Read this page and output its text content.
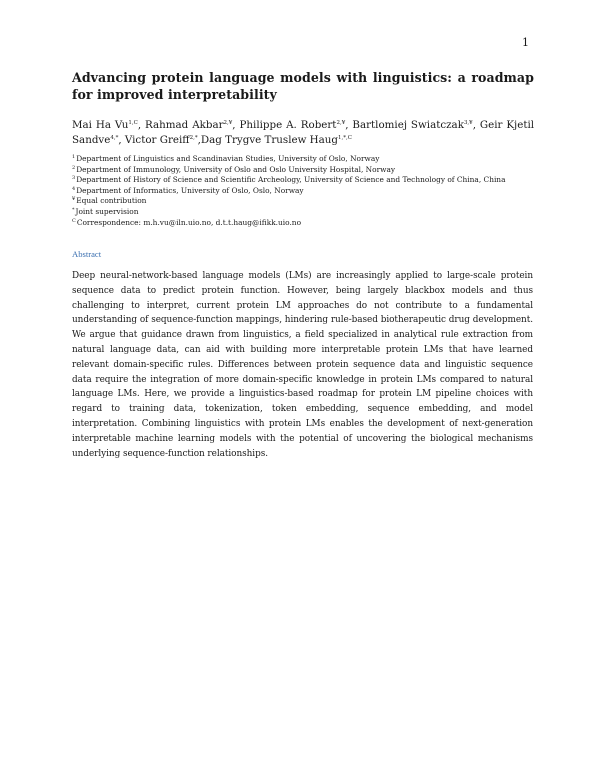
1
Advancing protein language models with linguistics: a roadmap for improved interpretability
Mai Ha $Vu^{1,C}$, Rahmad Akbar$^{2,¥}$, Philippe A. Robert$^{2,¥}$, Bartlomiej Swiatczak$^{3,¥}$, Geir Kjetil Sandve$^{4,*}$, Victor Greiff$^{2,*}$,Dag Trygve Truslew Haug$^{1,*,C}$
$^1$Department of Linguistics and Scandinavian Studies, University of Oslo, Norway
$^2$Department of Immunology, University of Oslo and Oslo University Hospital, Norway
$^3$Department of History of Science and Scientific Archeology, University of Science and Technology of China, China
$^4$Department of Informatics, University of Oslo, Oslo, Norway
¥Equal contribution
*Joint supervision
$^C$Correspondence: m.h.vu@iln.uio.no, d.t.t.haug@ifikk.uio.no
Abstract
Deep neural-network-based language models (LMs) are increasingly applied to large-scale protein sequence data to predict protein function. However, being largely blackbox models and thus challenging to interpret, current protein LM approaches do not contribute to a fundamental understanding of sequence-function mappings, hindering rule-based biotherapeutic drug development. We argue that guidance drawn from linguistics, a field specialized in analytical rule extraction from natural language data, can aid with building more interpretable protein LMs that have learned relevant domain-specific rules. Differences between protein sequence data and linguistic sequence data require the integration of more domain-specific knowledge in protein LMs compared to natural language LMs. Here, we provide a linguistics-based roadmap for protein LM pipeline choices with regard to training data, tokenization, token embedding, sequence embedding, and model interpretation. Combining linguistics with protein LMs enables the development of next-generation interpretable machine learning models with the potential of uncovering the biological mechanisms underlying sequence-function relationships.
